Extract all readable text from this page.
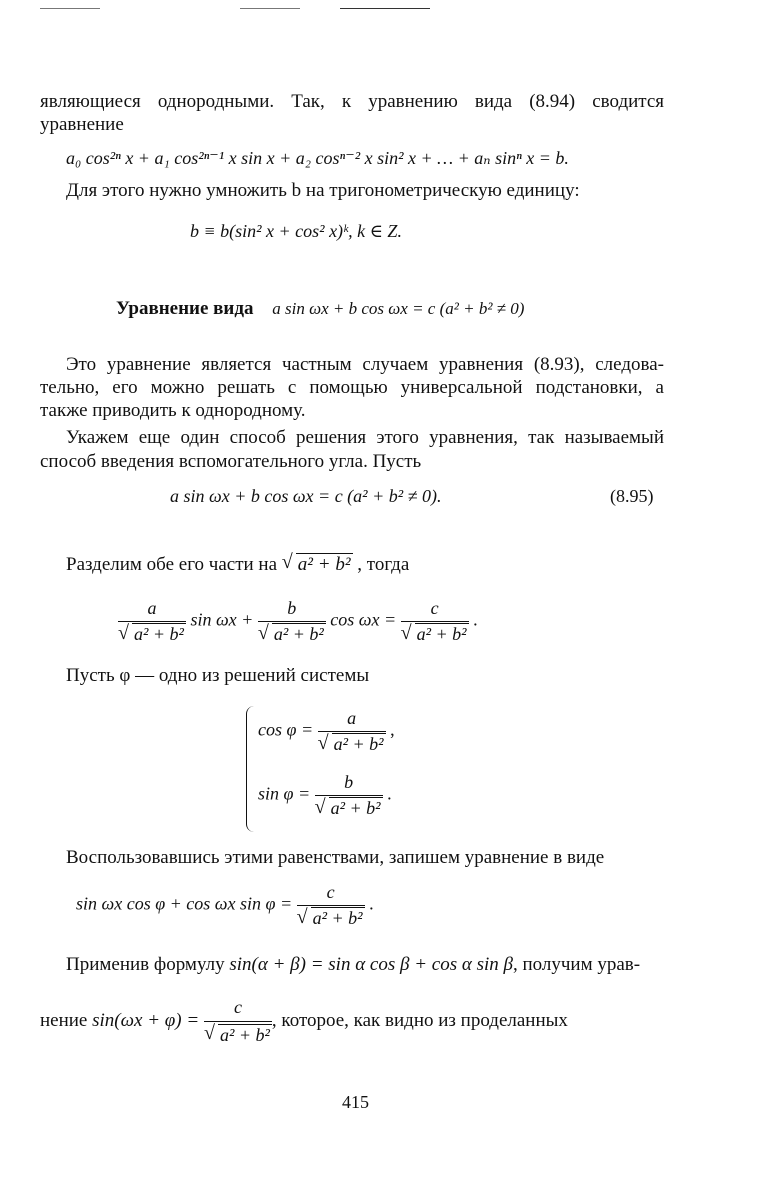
являющиеся однородными. Так, к уравнению вида (8.94) сводится

уравнение

a₀ cos²ⁿ x + a₁ cos²ⁿ⁻¹ x sin x + a₂ cosⁿ⁻² x sin² x + … + aₙ sinⁿ x = b.

Для этого нужно умножить b на тригонометрическую единицу:

b ≡ b(sin² x + cos² x)ᵏ, k ∈ Z.
Уравнение вида a sin ωx + b cos ωx = c (a² + b² ≠ 0)

Это уравнение является частным случаем уравнения (8.93), следова-

тельно, его можно решать с помощью универсальной подстановки, а

также приводить к однородному.

Укажем еще один способ решения этого уравнения, так называемый

способ введения вспомогательного угла. Пусть

a sin ωx + b cos ωx = c (a² + b² ≠ 0).	(8.95)
Разделим обе его части на √ a² + b² , тогда
a
√ a² + b² sin ωx + b
√ a² + b² cos ωx = c
√ a² + b² .

Пусть φ — одно из решений системы

cos φ = a
√ a² + b² ,
sin φ = b
√ a² + b² .

Воспользовавшись этими равенствами, запишем уравнение в виде

sin ωx cos φ + cos ωx sin φ = c
√ a² + b² .
Применив формулу sin(α + β) = sin α cos β + cos α sin β, получим урав-
нение sin(ωx + φ) = c
√ a² + b² , которое, как видно из проделанных
415
